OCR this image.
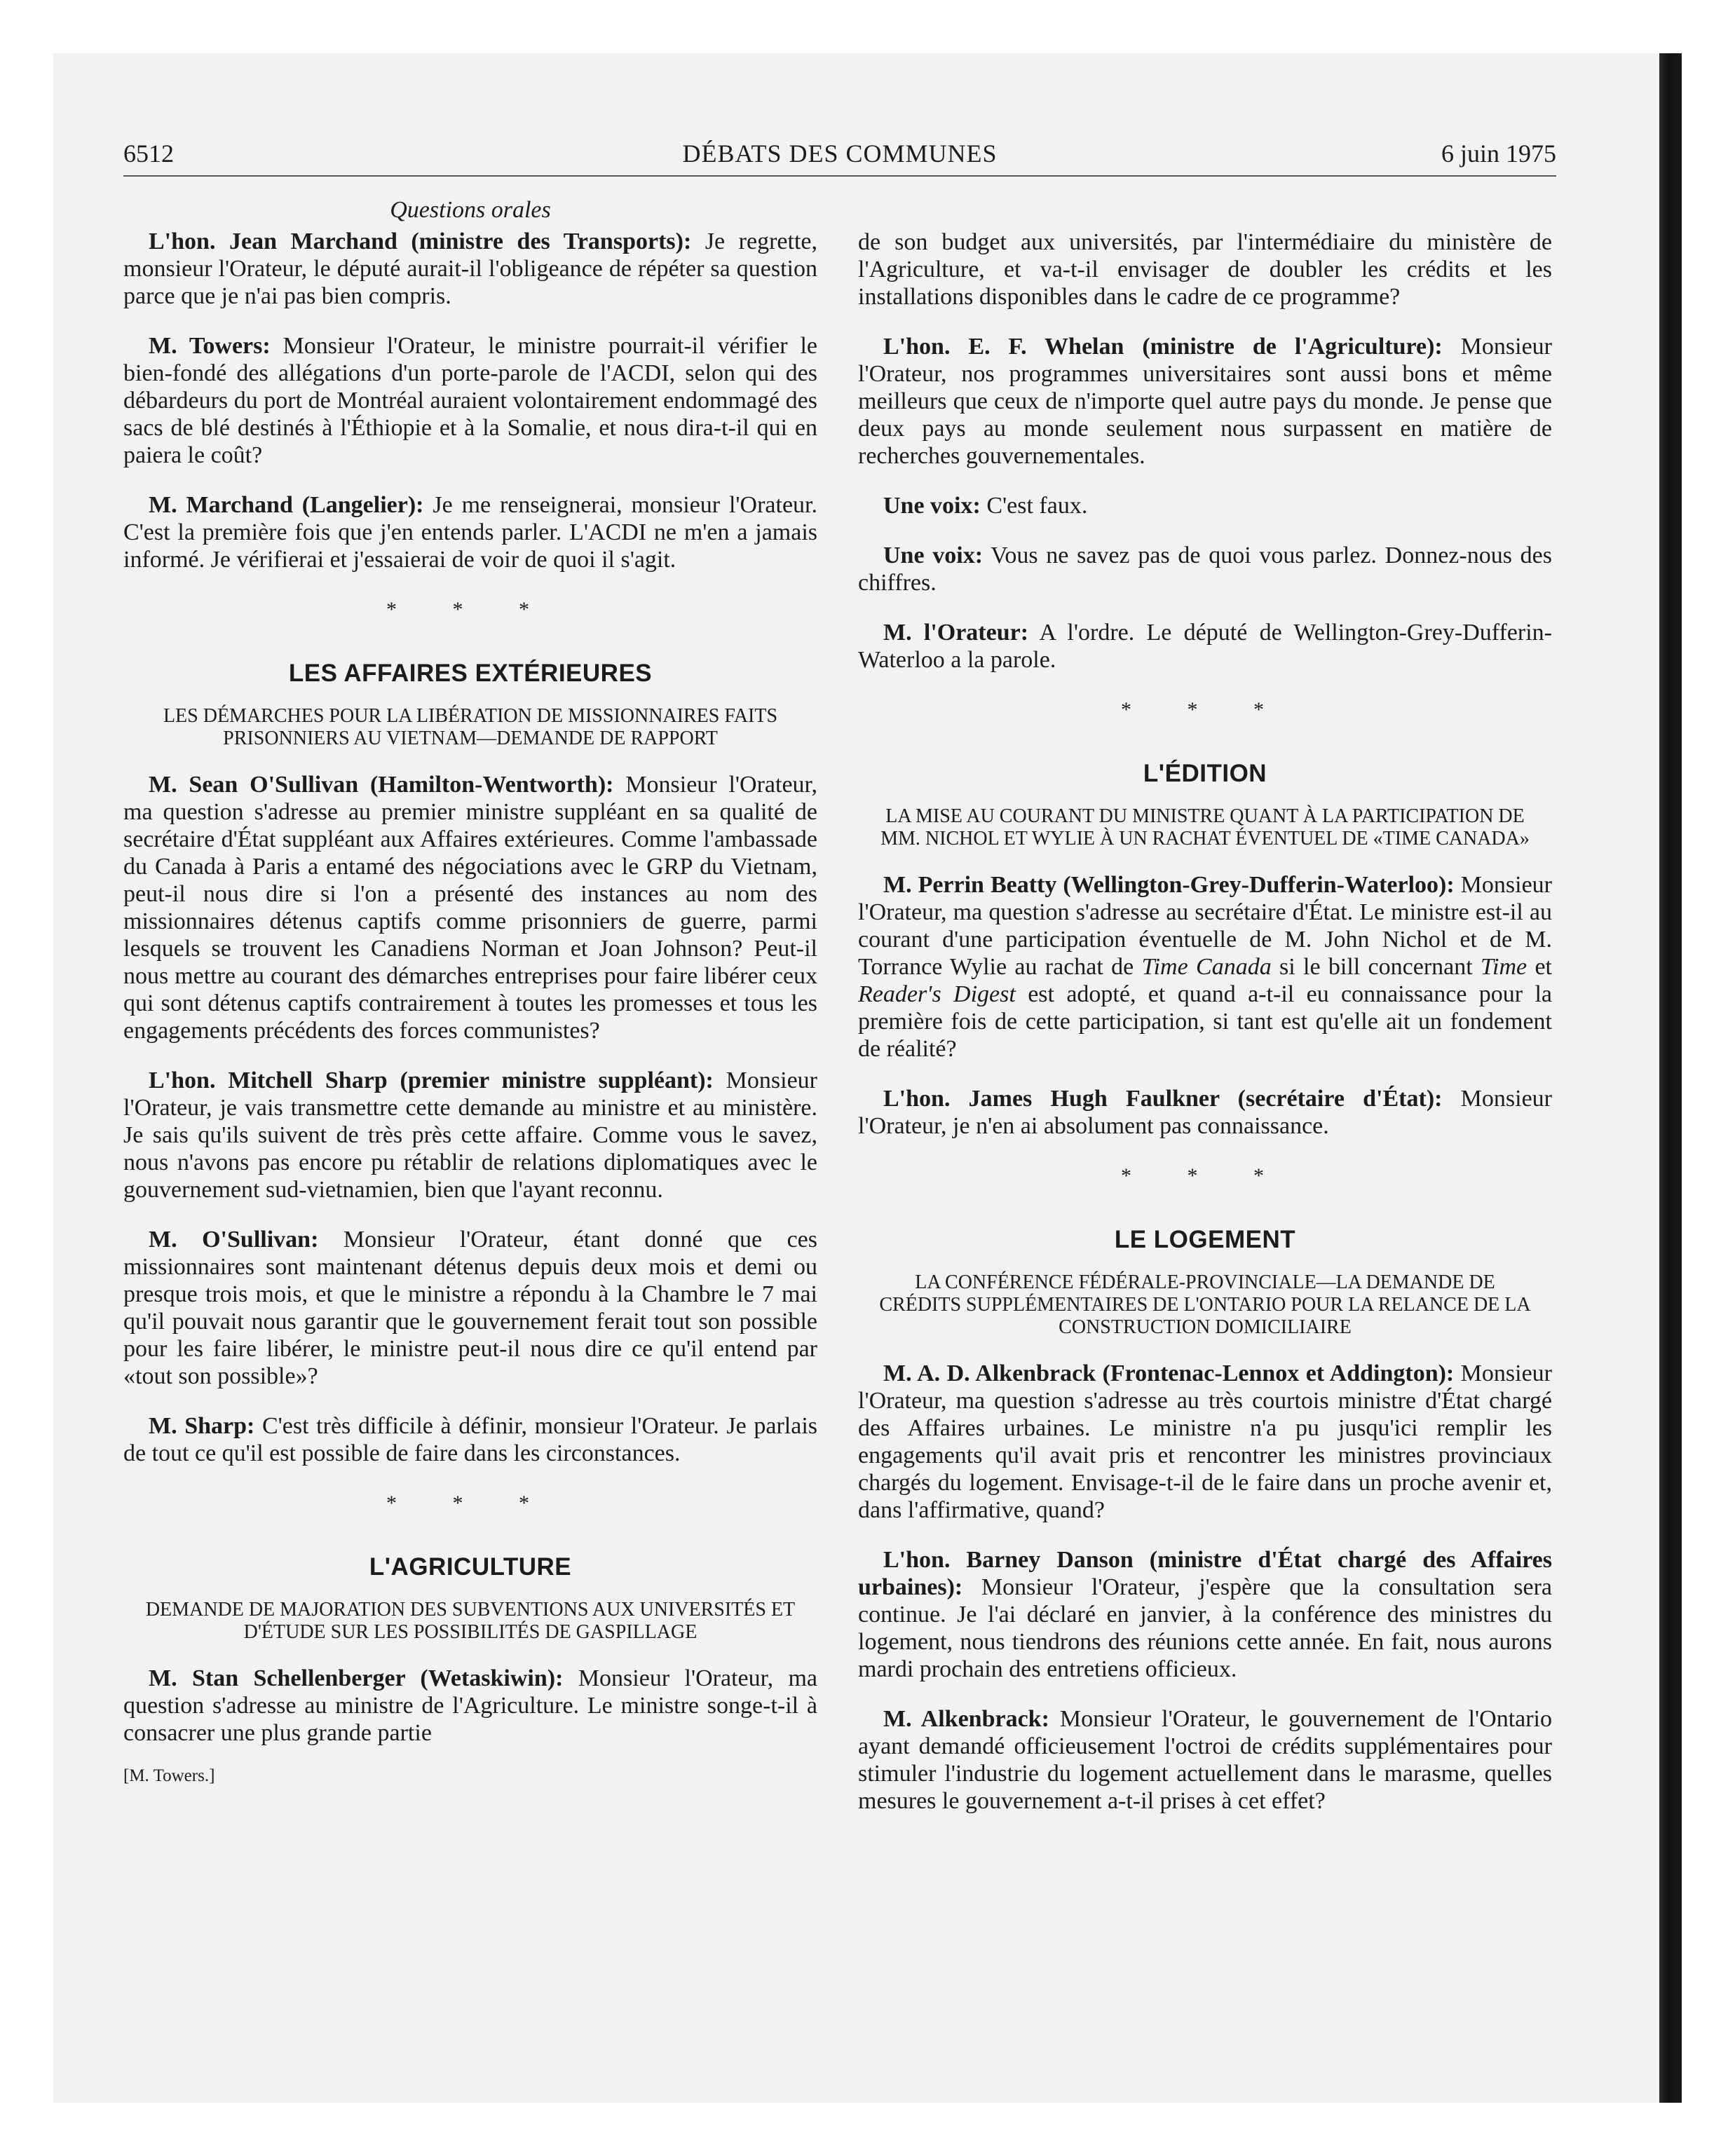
6512	DÉBATS DES COMMUNES	6 juin 1975
Questions orales

L'hon. Jean Marchand (ministre des Transports): Je regrette, monsieur l'Orateur, le député aurait-il l'obligeance de répéter sa question parce que je n'ai pas bien compris.

M. Towers: Monsieur l'Orateur, le ministre pourrait-il vérifier le bien-fondé des allégations d'un porte-parole de l'ACDI, selon qui des débardeurs du port de Montréal auraient volontairement endommagé des sacs de blé destinés à l'Éthiopie et à la Somalie, et nous dira-t-il qui en paiera le coût?

M. Marchand (Langelier): Je me renseignerai, monsieur l'Orateur. C'est la première fois que j'en entends parler. L'ACDI ne m'en a jamais informé. Je vérifierai et j'essaierai de voir de quoi il s'agit.

* * *
LES AFFAIRES EXTÉRIEURES
LES DÉMARCHES POUR LA LIBÉRATION DE MISSIONNAIRES FAITS PRISONNIERS AU VIETNAM—DEMANDE DE RAPPORT

M. Sean O'Sullivan (Hamilton-Wentworth): Monsieur l'Orateur, ma question s'adresse au premier ministre suppléant en sa qualité de secrétaire d'État suppléant aux Affaires extérieures. Comme l'ambassade du Canada à Paris a entamé des négociations avec le GRP du Vietnam, peut-il nous dire si l'on a présenté des instances au nom des missionnaires détenus captifs comme prisonniers de guerre, parmi lesquels se trouvent les Canadiens Norman et Joan Johnson? Peut-il nous mettre au courant des démarches entreprises pour faire libérer ceux qui sont détenus captifs contrairement à toutes les promesses et tous les engagements précédents des forces communistes?

L'hon. Mitchell Sharp (premier ministre suppléant): Monsieur l'Orateur, je vais transmettre cette demande au ministre et au ministère. Je sais qu'ils suivent de très près cette affaire. Comme vous le savez, nous n'avons pas encore pu rétablir de relations diplomatiques avec le gouvernement sud-vietnamien, bien que l'ayant reconnu.

M. O'Sullivan: Monsieur l'Orateur, étant donné que ces missionnaires sont maintenant détenus depuis deux mois et demi ou presque trois mois, et que le ministre a répondu à la Chambre le 7 mai qu'il pouvait nous garantir que le gouvernement ferait tout son possible pour les faire libérer, le ministre peut-il nous dire ce qu'il entend par «tout son possible»?

M. Sharp: C'est très difficile à définir, monsieur l'Orateur. Je parlais de tout ce qu'il est possible de faire dans les circonstances.

* * *
L'AGRICULTURE
DEMANDE DE MAJORATION DES SUBVENTIONS AUX UNIVERSITÉS ET D'ÉTUDE SUR LES POSSIBILITÉS DE GASPILLAGE

M. Stan Schellenberger (Wetaskiwin): Monsieur l'Orateur, ma question s'adresse au ministre de l'Agriculture. Le ministre songe-t-il à consacrer une plus grande partie

[M. Towers.]

de son budget aux universités, par l'intermédiaire du ministère de l'Agriculture, et va-t-il envisager de doubler les crédits et les installations disponibles dans le cadre de ce programme?

L'hon. E. F. Whelan (ministre de l'Agriculture): Monsieur l'Orateur, nos programmes universitaires sont aussi bons et même meilleurs que ceux de n'importe quel autre pays du monde. Je pense que deux pays au monde seulement nous surpassent en matière de recherches gouvernementales.

Une voix: C'est faux.

Une voix: Vous ne savez pas de quoi vous parlez. Donnez-nous des chiffres.

M. l'Orateur: A l'ordre. Le député de Wellington-Grey-Dufferin-Waterloo a la parole.

* * *
L'ÉDITION
LA MISE AU COURANT DU MINISTRE QUANT À LA PARTICIPATION DE MM. NICHOL ET WYLIE À UN RACHAT ÉVENTUEL DE «TIME CANADA»

M. Perrin Beatty (Wellington-Grey-Dufferin-Waterloo): Monsieur l'Orateur, ma question s'adresse au secrétaire d'État. Le ministre est-il au courant d'une participation éventuelle de M. John Nichol et de M. Torrance Wylie au rachat de Time Canada si le bill concernant Time et Reader's Digest est adopté, et quand a-t-il eu connaissance pour la première fois de cette participation, si tant est qu'elle ait un fondement de réalité?

L'hon. James Hugh Faulkner (secrétaire d'État): Monsieur l'Orateur, je n'en ai absolument pas connaissance.

* * *
LE LOGEMENT
LA CONFÉRENCE FÉDÉRALE-PROVINCIALE—LA DEMANDE DE CRÉDITS SUPPLÉMENTAIRES DE L'ONTARIO POUR LA RELANCE DE LA CONSTRUCTION DOMICILIAIRE

M. A. D. Alkenbrack (Frontenac-Lennox et Addington): Monsieur l'Orateur, ma question s'adresse au très courtois ministre d'État chargé des Affaires urbaines. Le ministre n'a pu jusqu'ici remplir les engagements qu'il avait pris et rencontrer les ministres provinciaux chargés du logement. Envisage-t-il de le faire dans un proche avenir et, dans l'affirmative, quand?

L'hon. Barney Danson (ministre d'État chargé des Affaires urbaines): Monsieur l'Orateur, j'espère que la consultation sera continue. Je l'ai déclaré en janvier, à la conférence des ministres du logement, nous tiendrons des réunions cette année. En fait, nous aurons mardi prochain des entretiens officieux.

M. Alkenbrack: Monsieur l'Orateur, le gouvernement de l'Ontario ayant demandé officieusement l'octroi de crédits supplémentaires pour stimuler l'industrie du logement actuellement dans le marasme, quelles mesures le gouvernement a-t-il prises à cet effet?
